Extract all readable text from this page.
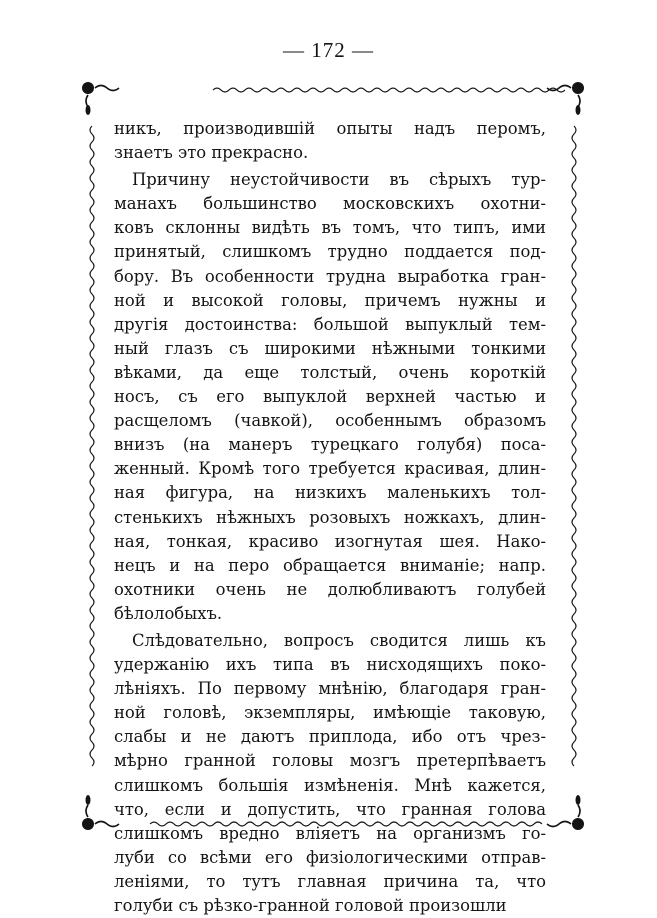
— 172 —
никъ, производившій опыты надъ перомъ,
знаетъ это прекрасно.
Причину неустойчивости въ сѣрыхъ тур-
манахъ большинство московскихъ охотни-
ковъ склонны видѣть въ томъ, что типъ, ими
принятый, слишкомъ трудно поддается под-
бору. Въ особенности трудна выработка гран-
ной и высокой головы, причемъ нужны и
другія достоинства: большой выпуклый тем-
ный глазъ съ широкими нѣжными тонкими
вѣками, да еще толстый, очень короткій
носъ, съ его выпуклой верхней частью и
расщеломъ (чавкой), особеннымъ образомъ
внизъ (на манеръ турецкаго голубя) поса-
женный. Кромѣ того требуется красивая, длин-
ная фигура, на низкихъ маленькихъ тол-
стенькихъ нѣжныхъ розовыхъ ножкахъ, длин-
ная, тонкая, красиво изогнутая шея. Нако-
нецъ и на перо обращается вниманіе; напр.
охотники очень не долюбливаютъ голубей
бѣлолобыхъ.
Слѣдовательно, вопросъ сводится лишь къ
удержанію ихъ типа въ нисходящихъ поко-
лѣніяхъ. По первому мнѣнію, благодаря гран-
ной головѣ, экземпляры, имѣющіе таковую,
слабы и не даютъ приплода, ибо отъ чрез-
мѣрно гранной головы мозгъ претерпѣваетъ
слишкомъ большія измѣненія. Мнѣ кажется,
что, если и допустить, что гранная голова
слишкомъ вредно вліяетъ на организмъ го-
луби со всѣми его физіологическими отправ-
леніями, то тутъ главная причина та, что
голуби съ рѣзко-гранной головой произошли
